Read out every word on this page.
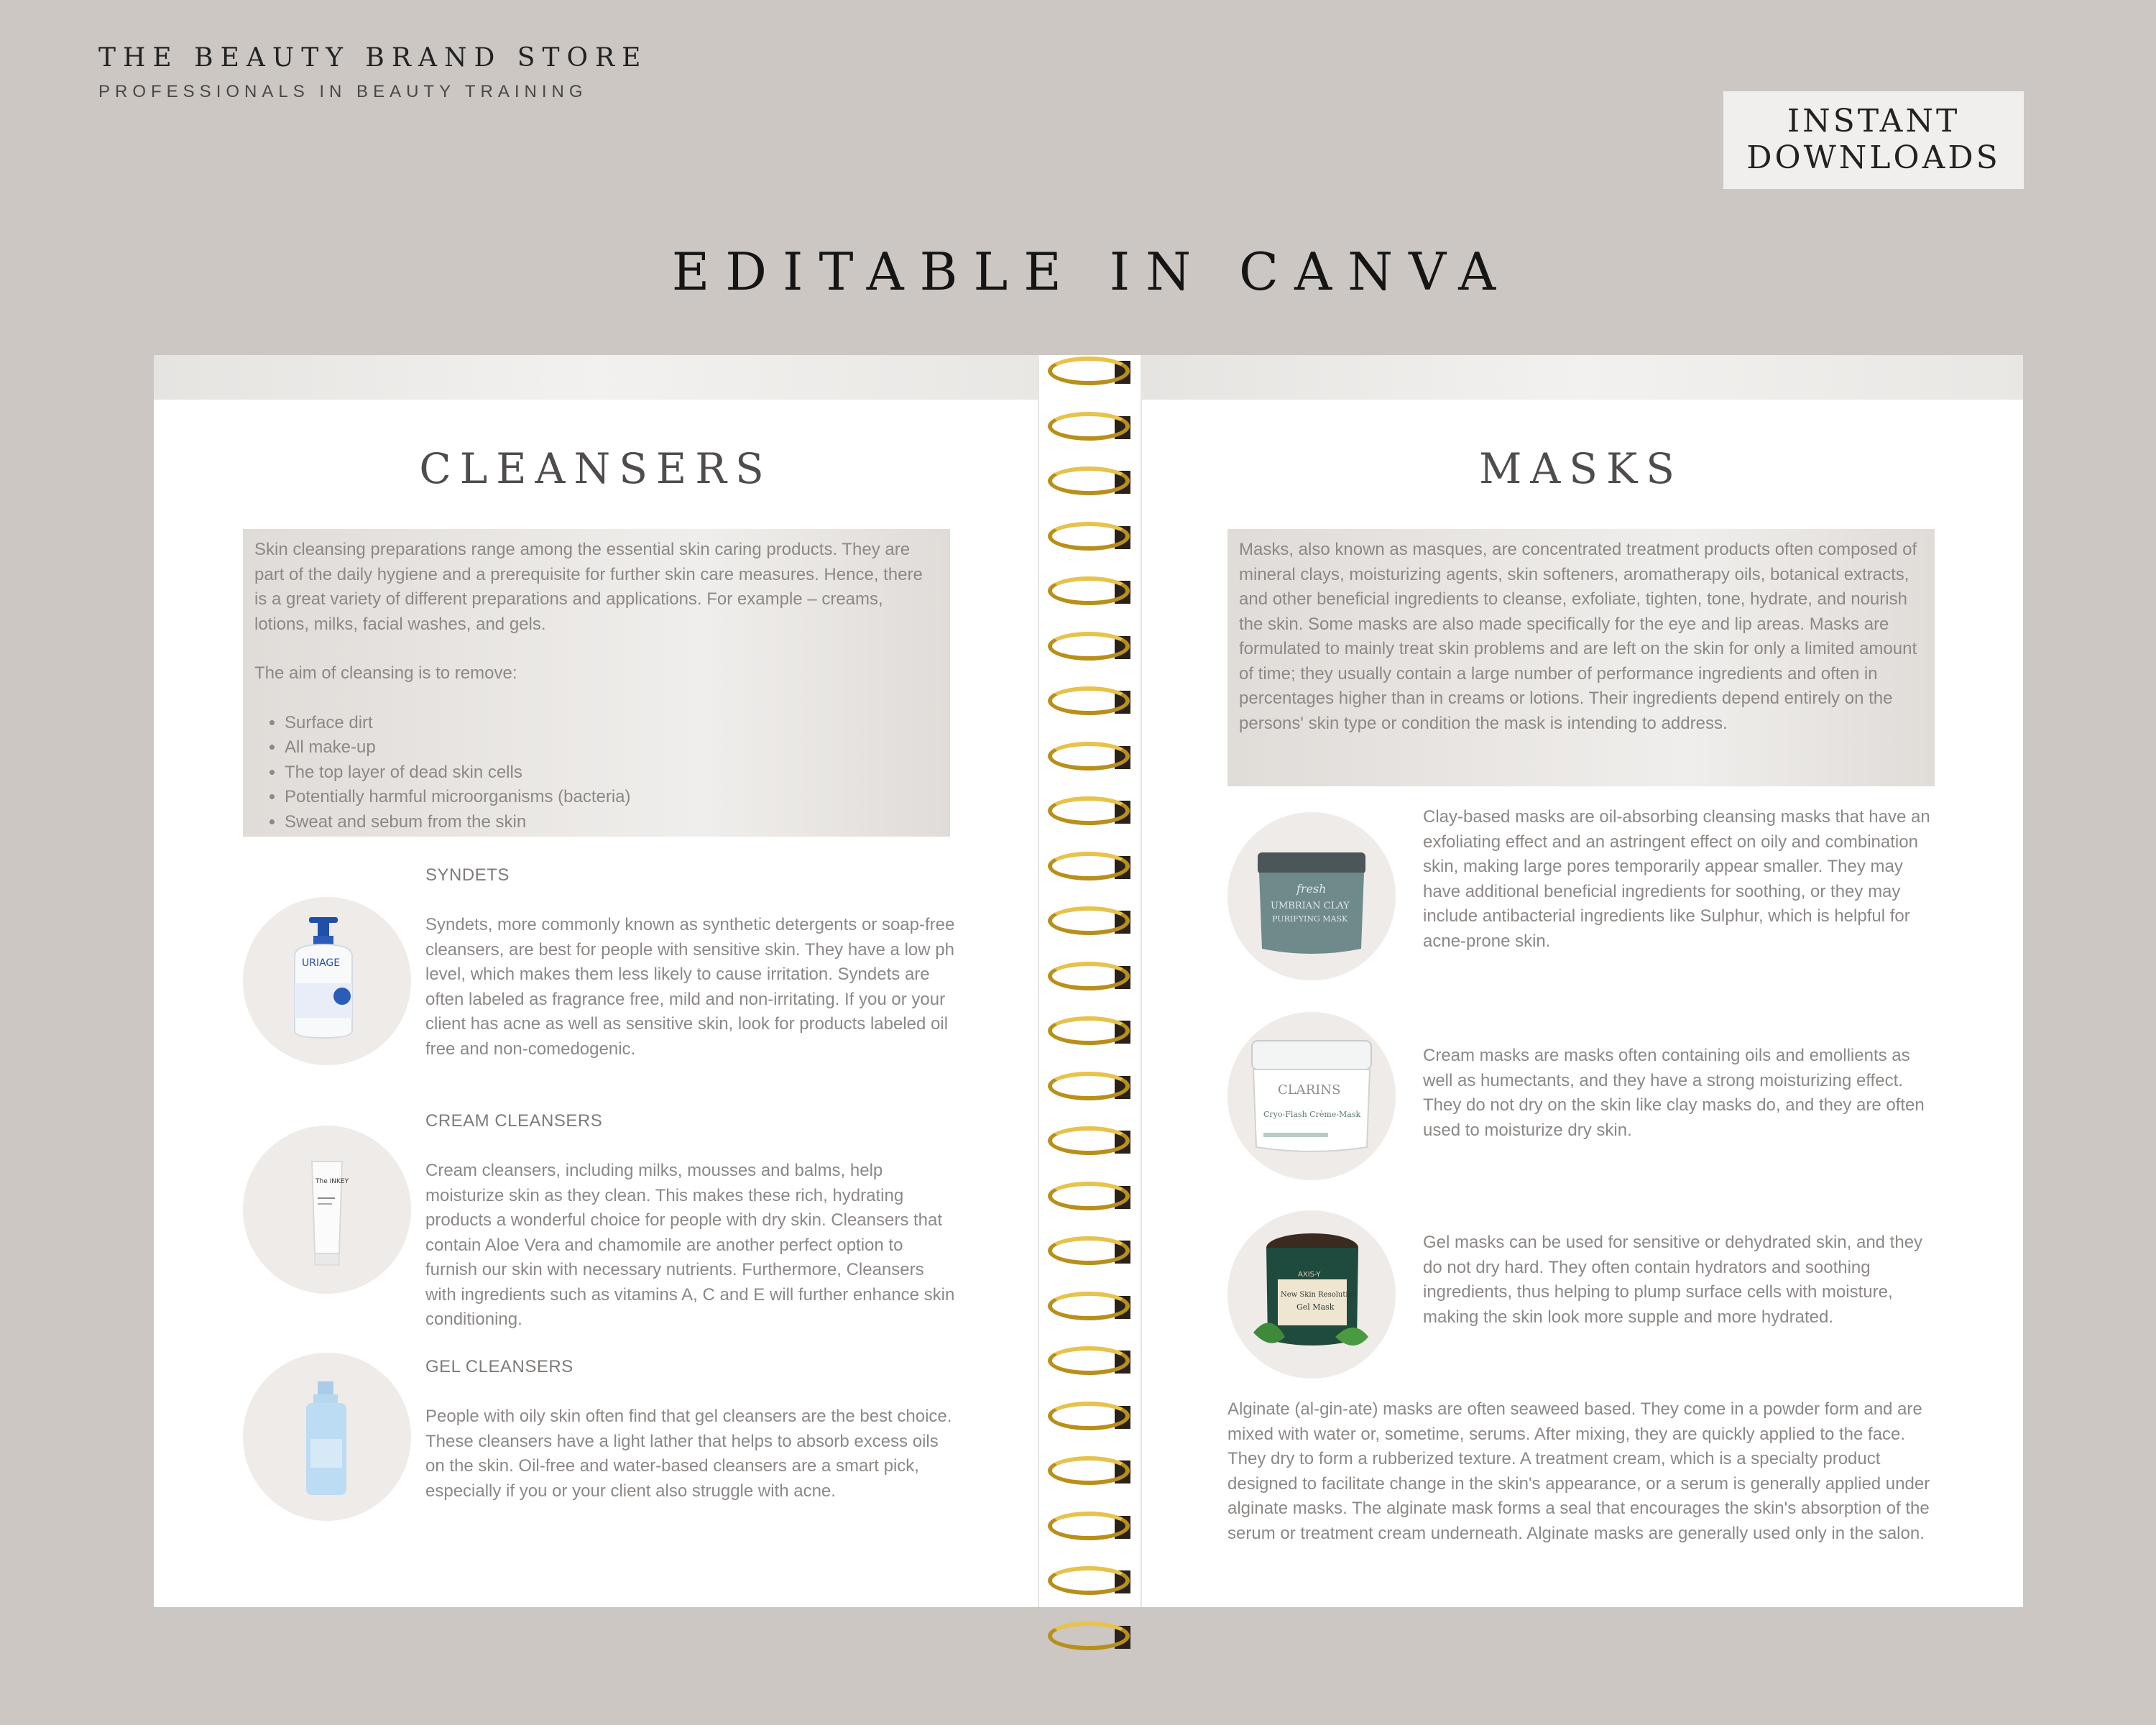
THE BEAUTY BRAND STORE
PROFESSIONALS IN BEAUTY TRAINING
INSTANT
DOWNLOADS
EDITABLE IN CANVA
CLEANSERS

Skin cleansing preparations range among the essential skin caring products. They are part of the daily hygiene and a prerequisite for further skin care measures. Hence, there is a great variety of different preparations and applications. For example – creams, lotions, milks, facial washes, and gels.

The aim of cleansing is to remove:

• Surface dirt
• All make-up
• The top layer of dead skin cells
• Potentially harmful microorganisms (bacteria)
• Sweat and sebum from the skin
SYNDETS
URIAGE
Syndets, more commonly known as synthetic detergents or soap-free cleansers, are best for people with sensitive skin. They have a low ph level, which makes them less likely to cause irritation. Syndets are often labeled as fragrance free, mild and non-irritating. If you or your client has acne as well as sensitive skin, look for products labeled oil free and non-comedogenic.
CREAM CLEANSERS
The INKEY
Cream cleansers, including milks, mousses and balms, help moisturize skin as they clean. This makes these rich, hydrating products a wonderful choice for people with dry skin. Cleansers that contain Aloe Vera and chamomile are another perfect option to furnish our skin with necessary nutrients. Furthermore, Cleansers with ingredients such as vitamins A, C and E will further enhance skin conditioning.
GEL CLEANSERS
People with oily skin often find that gel cleansers are the best choice. These cleansers have a light lather that helps to absorb excess oils on the skin. Oil-free and water-based cleansers are a smart pick, especially if you or your client also struggle with acne.
MASKS

Masks, also known as masques, are concentrated treatment products often composed of mineral clays, moisturizing agents, skin softeners, aromatherapy oils, botanical extracts, and other beneficial ingredients to cleanse, exfoliate, tighten, tone, hydrate, and nourish the skin. Some masks are also made specifically for the eye and lip areas. Masks are formulated to mainly treat skin problems and are left on the skin for only a limited amount of time; they usually contain a large number of performance ingredients and often in percentages higher than in creams or lotions. Their ingredients depend entirely on the persons' skin type or condition the mask is intending to address.

fresh
UMBRIAN CLAY
PURIFYING MASK
Clay-based masks are oil-absorbing cleansing masks that have an exfoliating effect and an astringent effect on oily and combination skin, making large pores temporarily appear smaller. They may have additional beneficial ingredients for soothing, or they may include antibacterial ingredients like Sulphur, which is helpful for acne-prone skin.
CLARINS
Cryo-Flash Crème-Mask
Cream masks are masks often containing oils and emollients as well as humectants, and they have a strong moisturizing effect. They do not dry on the skin like clay masks do, and they are often used to moisturize dry skin.
AXIS-Y
New Skin Resolution
Gel Mask
Gel masks can be used for sensitive or dehydrated skin, and they do not dry hard. They often contain hydrators and soothing ingredients, thus helping to plump surface cells with moisture, making the skin look more supple and more hydrated.
Alginate (al-gin-ate) masks are often seaweed based. They come in a powder form and are mixed with water or, sometime, serums. After mixing, they are quickly applied to the face. They dry to form a rubberized texture. A treatment cream, which is a specialty product designed to facilitate change in the skin's appearance, or a serum is generally applied under alginate masks. The alginate mask forms a seal that encourages the skin's absorption of the serum or treatment cream underneath. Alginate masks are generally used only in the salon.
